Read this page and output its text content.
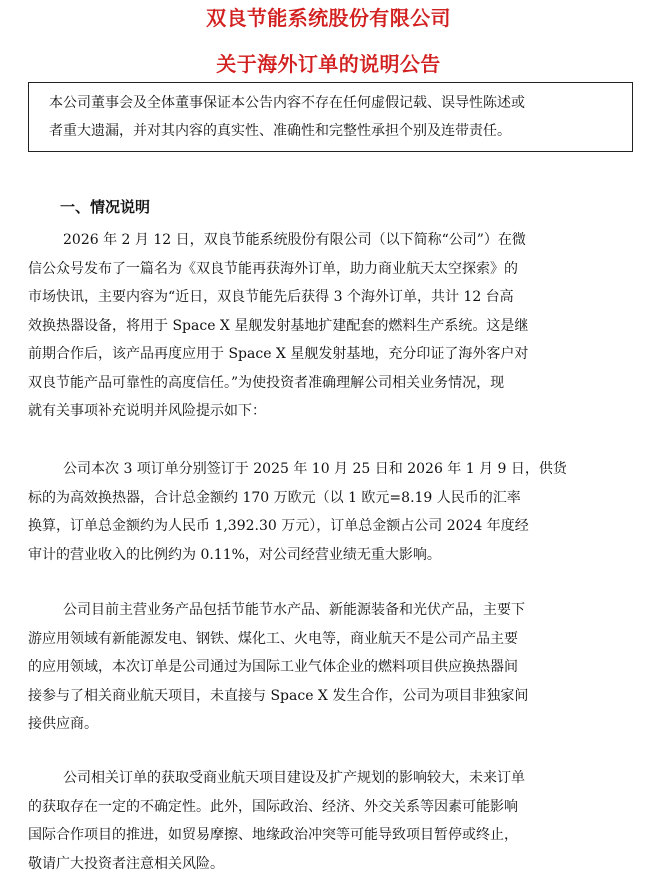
双良节能系统股份有限公司
关于海外订单的说明公告
本公司董事会及全体董事保证本公告内容不存在任何虚假记载、误导性陈述或
者重大遗漏，并对其内容的真实性、准确性和完整性承担个别及连带责任。
一、情况说明
2026 年 2 月 12 日，双良节能系统股份有限公司（以下简称“公司”）在微
信公众号发布了一篇名为《双良节能再获海外订单，助力商业航天太空探索》的
市场快讯，主要内容为“近日，双良节能先后获得 3 个海外订单，共计 12 台高
效换热器设备，将用于 Space X 星舰发射基地扩建配套的燃料生产系统。这是继
前期合作后，该产品再度应用于 Space X 星舰发射基地，充分印证了海外客户对
双良节能产品可靠性的高度信任。”为使投资者准确理解公司相关业务情况，现
就有关事项补充说明并风险提示如下：
公司本次 3 项订单分别签订于 2025 年 10 月 25 日和 2026 年 1 月 9 日，供货
标的为高效换热器，合计总金额约 170 万欧元（以 1 欧元=8.19 人民币的汇率
换算，订单总金额约为人民币 1,392.30 万元），订单总金额占公司 2024 年度经
审计的营业收入的比例约为 0.11%，对公司经营业绩无重大影响。
公司目前主营业务产品包括节能节水产品、新能源装备和光伏产品，主要下
游应用领域有新能源发电、钢铁、煤化工、火电等，商业航天不是公司产品主要
的应用领域，本次订单是公司通过为国际工业气体企业的燃料项目供应换热器间
接参与了相关商业航天项目，未直接与 Space X 发生合作，公司为项目非独家间
接供应商。
公司相关订单的获取受商业航天项目建设及扩产规划的影响较大，未来订单
的获取存在一定的不确定性。此外，国际政治、经济、外交关系等因素可能影响
国际合作项目的推进，如贸易摩擦、地缘政治冲突等可能导致项目暂停或终止，
敬请广大投资者注意相关风险。
